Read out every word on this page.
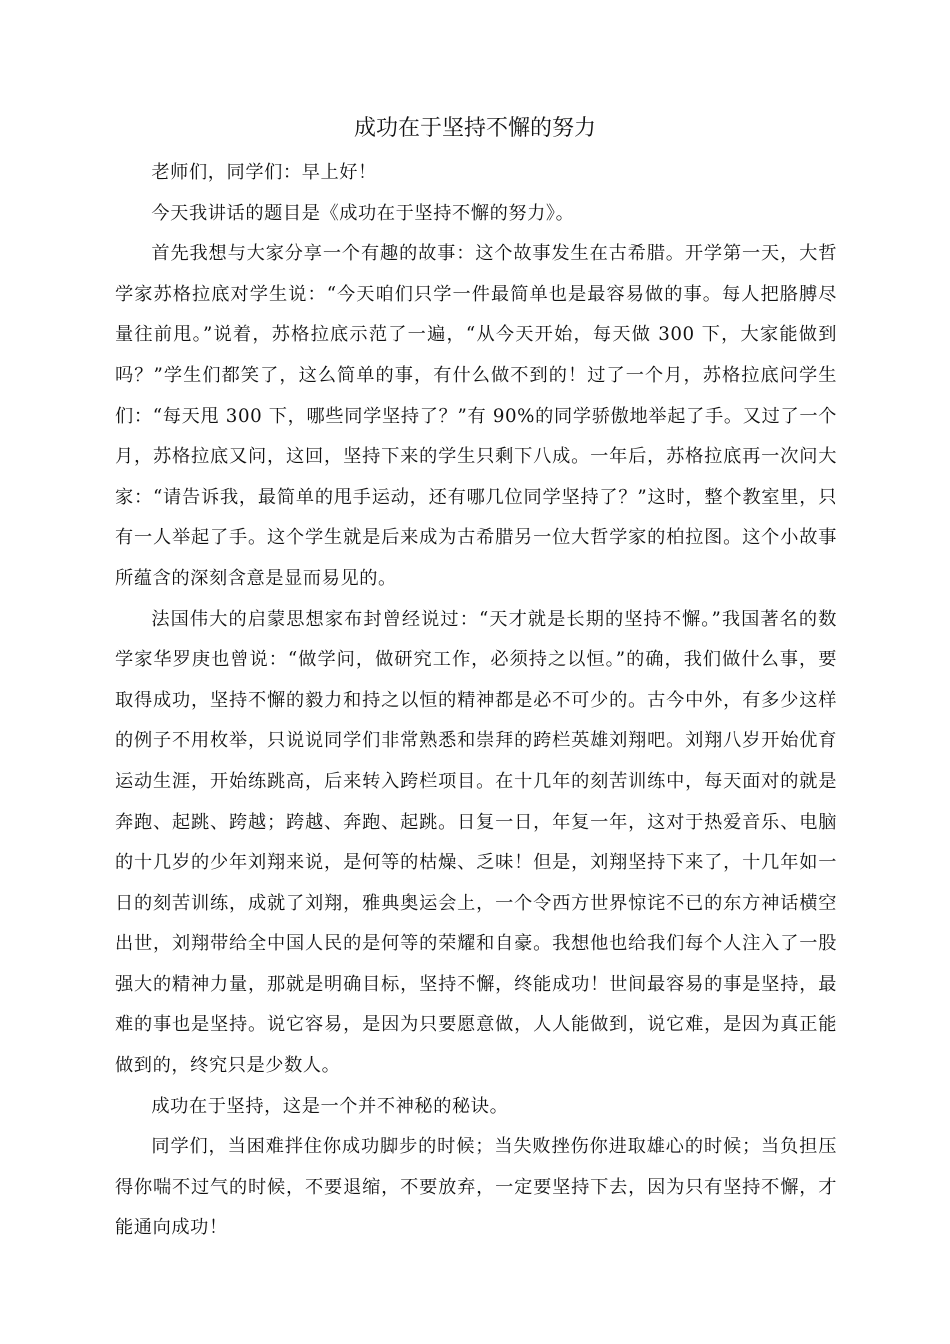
成功在于坚持不懈的努力

老师们，同学们：早上好！

今天我讲话的题目是《成功在于坚持不懈的努力》。

首先我想与大家分享一个有趣的故事：这个故事发生在古希腊。开学第一天，大哲学家苏格拉底对学生说：“今天咱们只学一件最简单也是最容易做的事。每人把胳膊尽量往前甩。”说着，苏格拉底示范了一遍，“从今天开始，每天做 300 下，大家能做到吗？”学生们都笑了，这么简单的事，有什么做不到的！过了一个月，苏格拉底问学生们：“每天甩 300 下，哪些同学坚持了？”有 90%的同学骄傲地举起了手。又过了一个月，苏格拉底又问，这回，坚持下来的学生只剩下八成。一年后，苏格拉底再一次问大家：“请告诉我，最简单的甩手运动，还有哪几位同学坚持了？”这时，整个教室里，只有一人举起了手。这个学生就是后来成为古希腊另一位大哲学家的柏拉图。这个小故事所蕴含的深刻含意是显而易见的。

法国伟大的启蒙思想家布封曾经说过：“天才就是长期的坚持不懈。”我国著名的数学家华罗庚也曾说：“做学问，做研究工作，必须持之以恒。”的确，我们做什么事，要取得成功，坚持不懈的毅力和持之以恒的精神都是必不可少的。古今中外，有多少这样的例子不用枚举，只说说同学们非常熟悉和崇拜的跨栏英雄刘翔吧。刘翔八岁开始优育运动生涯，开始练跳高，后来转入跨栏项目。在十几年的刻苦训练中，每天面对的就是奔跑、起跳、跨越；跨越、奔跑、起跳。日复一日，年复一年，这对于热爱音乐、电脑的十几岁的少年刘翔来说，是何等的枯燥、乏味！但是，刘翔坚持下来了，十几年如一日的刻苦训练，成就了刘翔，雅典奥运会上，一个令西方世界惊诧不已的东方神话横空出世，刘翔带给全中国人民的是何等的荣耀和自豪。我想他也给我们每个人注入了一股强大的精神力量，那就是明确目标，坚持不懈，终能成功！世间最容易的事是坚持，最难的事也是坚持。说它容易，是因为只要愿意做，人人能做到，说它难，是因为真正能做到的，终究只是少数人。

成功在于坚持，这是一个并不神秘的秘诀。

同学们，当困难拌住你成功脚步的时候；当失败挫伤你进取雄心的时候；当负担压得你喘不过气的时候，不要退缩，不要放弃，一定要坚持下去，因为只有坚持不懈，才能通向成功！
